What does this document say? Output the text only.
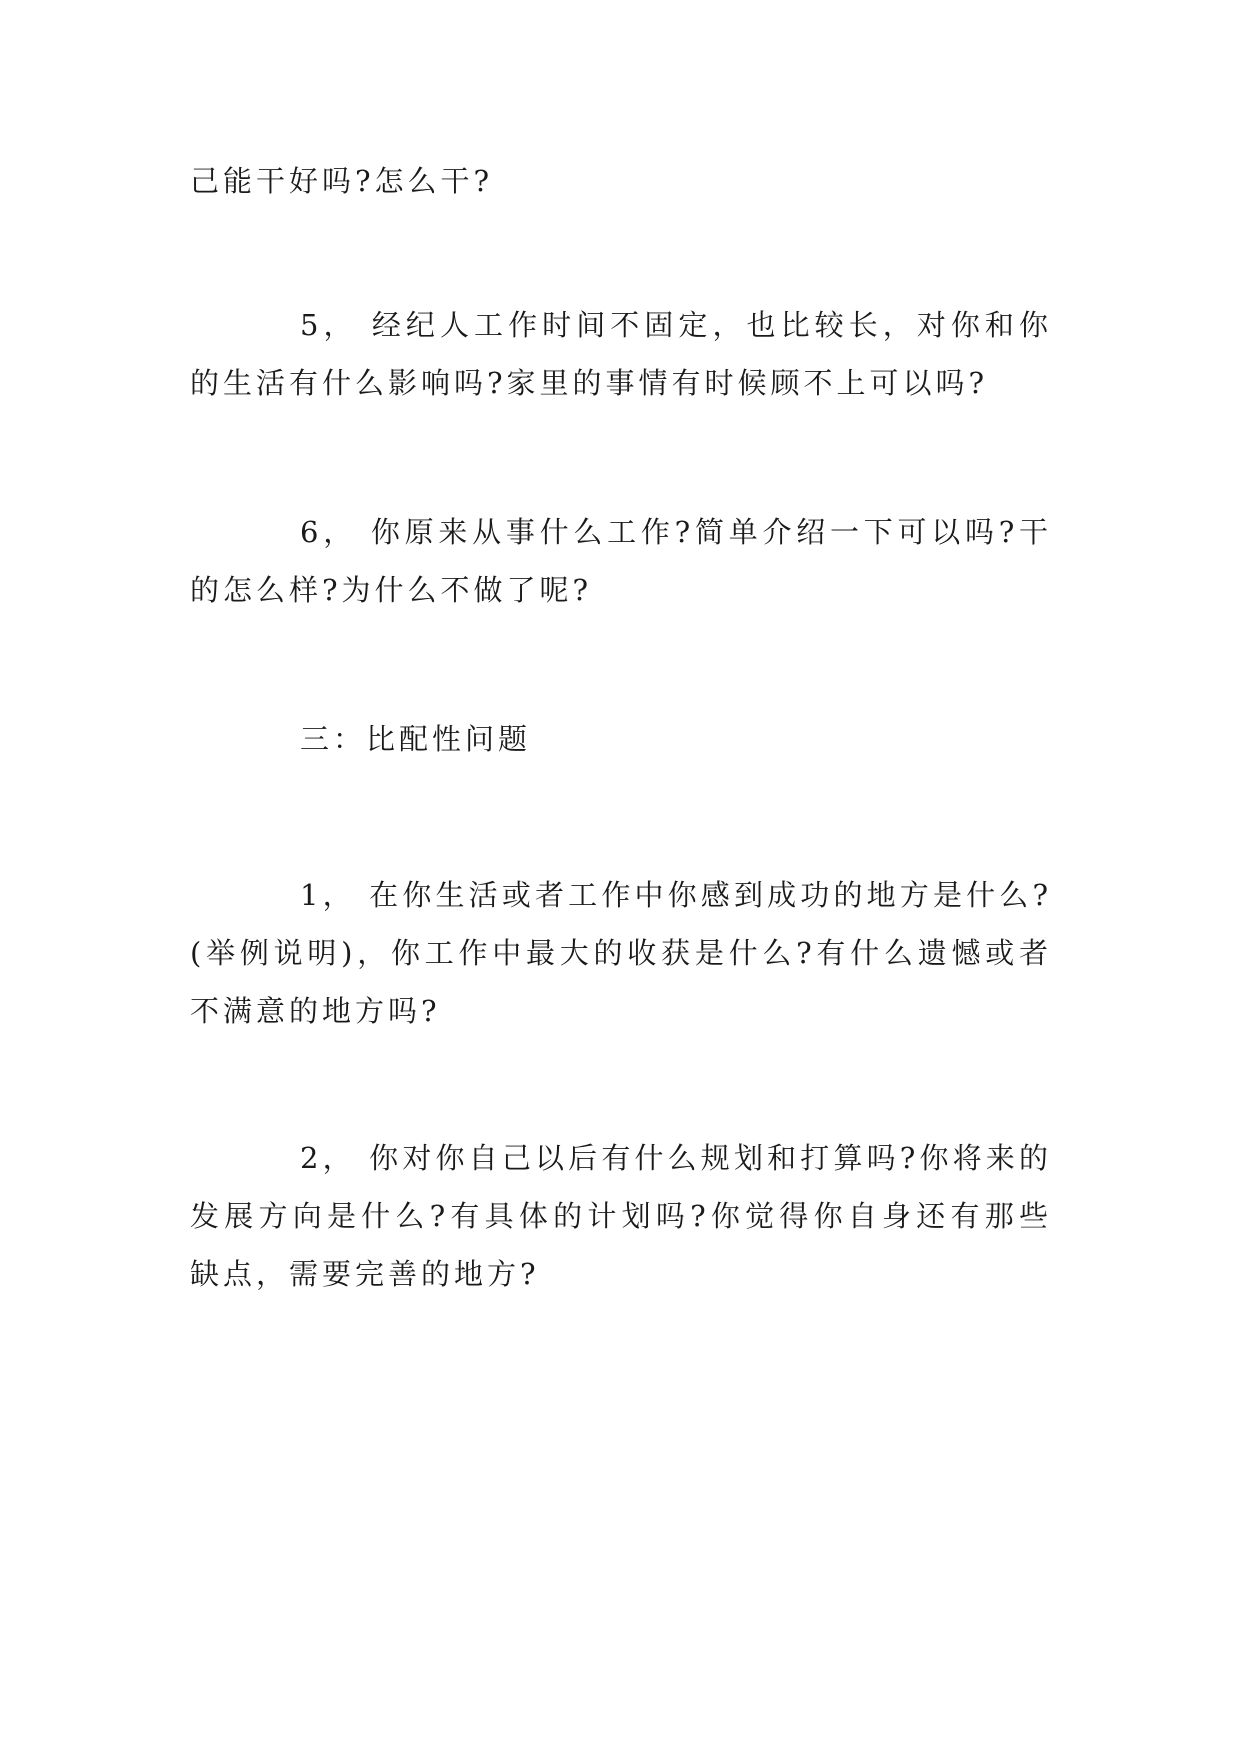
己能干好吗?怎么干?

5， 经纪人工作时间不固定，也比较长，对你和你的生活有什么影响吗?家里的事情有时候顾不上可以吗?

6， 你原来从事什么工作?简单介绍一下可以吗?干的怎么样?为什么不做了呢?

三：比配性问题

1， 在你生活或者工作中你感到成功的地方是什么?(举例说明)，你工作中最大的收获是什么?有什么遗憾或者不满意的地方吗?

2， 你对你自己以后有什么规划和打算吗?你将来的发展方向是什么?有具体的计划吗?你觉得你自身还有那些缺点，需要完善的地方?
